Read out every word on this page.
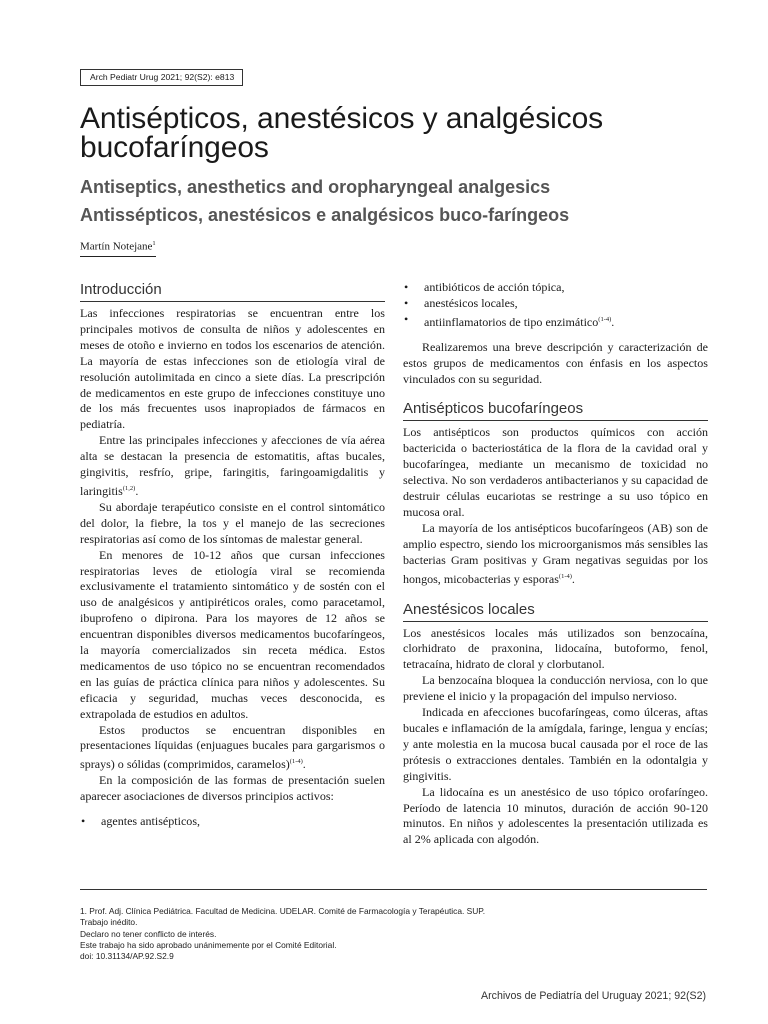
Arch Pediatr Urug 2021; 92(S2): e813
Antisépticos, anestésicos y analgésicos bucofaríngeos
Antiseptics, anesthetics and oropharyngeal analgesics
Antissépticos, anestésicos e analgésicos buco-faríngeos
Martín Notejane$^1$
Introducción

Las infecciones respiratorias se encuentran entre los principales motivos de consulta de niños y adolescentes en meses de otoño e invierno en todos los escenarios de atención. La mayoría de estas infecciones son de etiología viral de resolución autolimitada en cinco a siete días. La prescripción de medicamentos en este grupo de infecciones constituye uno de los más frecuentes usos inapropiados de fármacos en pediatría.

Entre las principales infecciones y afecciones de vía aérea alta se destacan la presencia de estomatitis, aftas bucales, gingivitis, resfrío, gripe, faringitis, faringoamigdalitis y laringitis$^{(1,2)}$.

Su abordaje terapéutico consiste en el control sintomático del dolor, la fiebre, la tos y el manejo de las secreciones respiratorias así como de los síntomas de malestar general.

En menores de 10-12 años que cursan infecciones respiratorias leves de etiología viral se recomienda exclusivamente el tratamiento sintomático y de sostén con el uso de analgésicos y antipiréticos orales, como paracetamol, ibuprofeno o dipirona. Para los mayores de 12 años se encuentran disponibles diversos medicamentos bucofaríngeos, la mayoría comercializados sin receta médica. Estos medicamentos de uso tópico no se encuentran recomendados en las guías de práctica clínica para niños y adolescentes. Su eficacia y seguridad, muchas veces desconocida, es extrapolada de estudios en adultos.

Estos productos se encuentran disponibles en presentaciones líquidas (enjuagues bucales para gargarismos o sprays) o sólidas (comprimidos, caramelos)$^{(1-4)}$.

En la composición de las formas de presentación suelen aparecer asociaciones de diversos principios activos:

• agentes antisépticos,
• antibióticos de acción tópica,
• anestésicos locales,
• antiinflamatorios de tipo enzimático$^{(1-4)}$.

Realizaremos una breve descripción y caracterización de estos grupos de medicamentos con énfasis en los aspectos vinculados con su seguridad.

Antisépticos bucofaríngeos

Los antisépticos son productos químicos con acción bactericida o bacteriostática de la flora de la cavidad oral y bucofaríngea, mediante un mecanismo de toxicidad no selectiva. No son verdaderos antibacterianos y su capacidad de destruir células eucariotas se restringe a su uso tópico en mucosa oral.

La mayoría de los antisépticos bucofaríngeos (AB) son de amplio espectro, siendo los microorganismos más sensibles las bacterias Gram positivas y Gram negativas seguidas por los hongos, micobacterias y esporas$^{(1-4)}$.

Anestésicos locales

Los anestésicos locales más utilizados son benzocaína, clorhidrato de praxonina, lidocaína, butoformo, fenol, tetracaína, hidrato de cloral y clorbutanol.

La benzocaína bloquea la conducción nerviosa, con lo que previene el inicio y la propagación del impulso nervioso.

Indicada en afecciones bucofaríngeas, como úlceras, aftas bucales e inflamación de la amígdala, faringe, lengua y encías; y ante molestia en la mucosa bucal causada por el roce de las prótesis o extracciones dentales. También en la odontalgia y gingivitis.

La lidocaína es un anestésico de uso tópico orofaríngeo. Período de latencia 10 minutos, duración de acción 90-120 minutos. En niños y adolescentes la presentación utilizada es al 2% aplicada con algodón.

1. Prof. Adj. Clínica Pediátrica. Facultad de Medicina. UDELAR. Comité de Farmacología y Terapéutica. SUP.
Trabajo inédito.
Declaro no tener conflicto de interés.
Este trabajo ha sido aprobado unánimemente por el Comité Editorial.
doi: 10.31134/AP.92.S2.9
Archivos de Pediatría del Uruguay 2021; 92(S2)
